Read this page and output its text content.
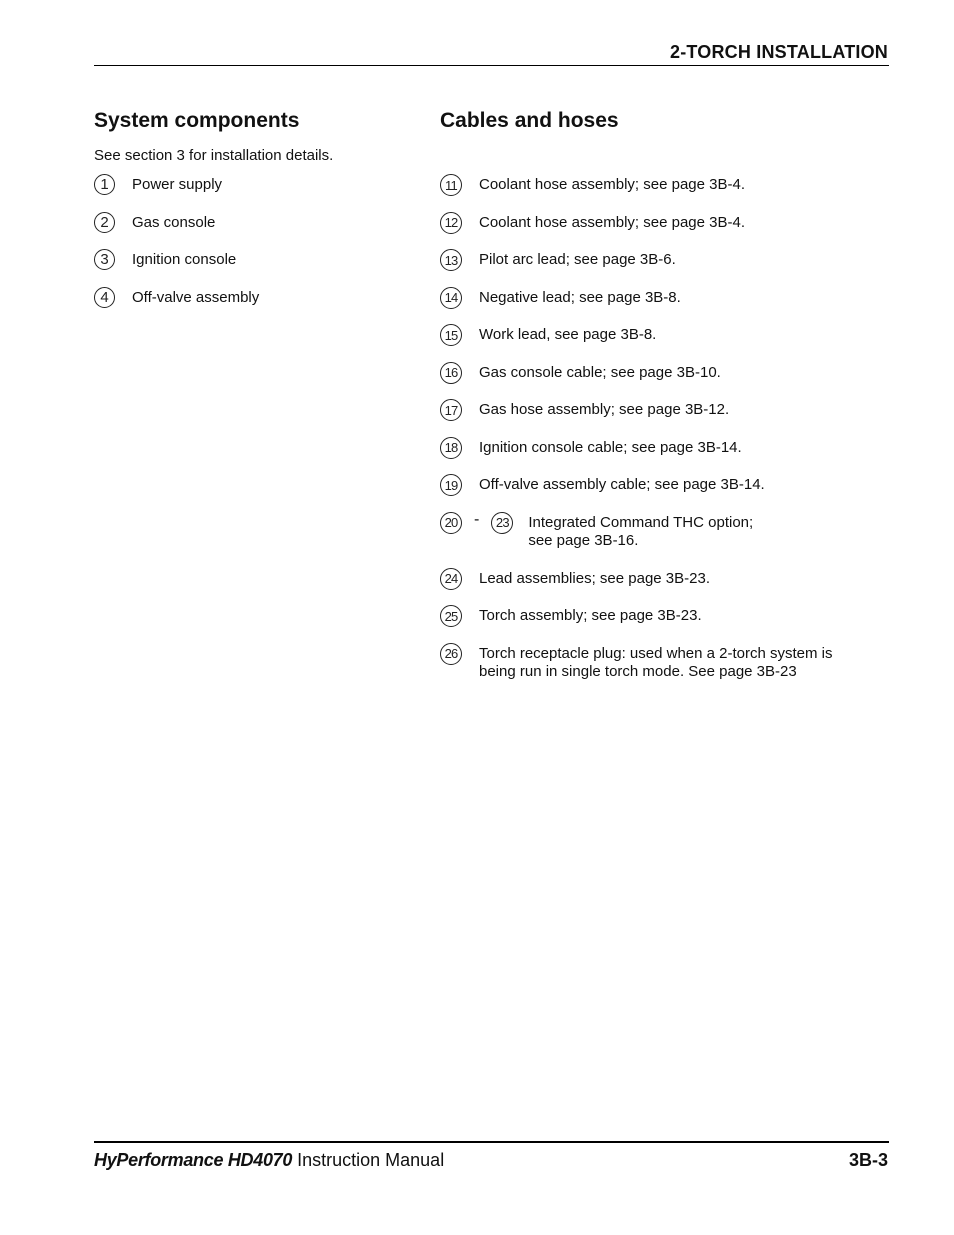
2-TORCH INSTALLATION
System components

See section 3 for installation details.

1	Power supply
2	Gas console
3	Ignition console
4	Off-valve assembly
Cables and hoses
11	Coolant hose assembly; see page 3B-4.
12	Coolant hose assembly; see page 3B-4.
13	Pilot arc lead; see page 3B-6.
14	Negative lead; see page 3B-8.
15	Work lead, see page 3B-8.
16	Gas console cable; see page 3B-10.
17	Gas hose assembly; see page 3B-12.
18	Ignition console cable; see page 3B-14.
19	Off-valve assembly cable; see page 3B-14.
20 -	23	Integrated Command THC option;
see page 3B-16.
24	Lead assemblies; see page 3B-23.
25	Torch assembly; see page 3B-23.
26	Torch receptacle plug: used when a 2-torch system is
being run in single torch mode. See page 3B-23
HyPerformance HD4070 Instruction Manual	3B-3
